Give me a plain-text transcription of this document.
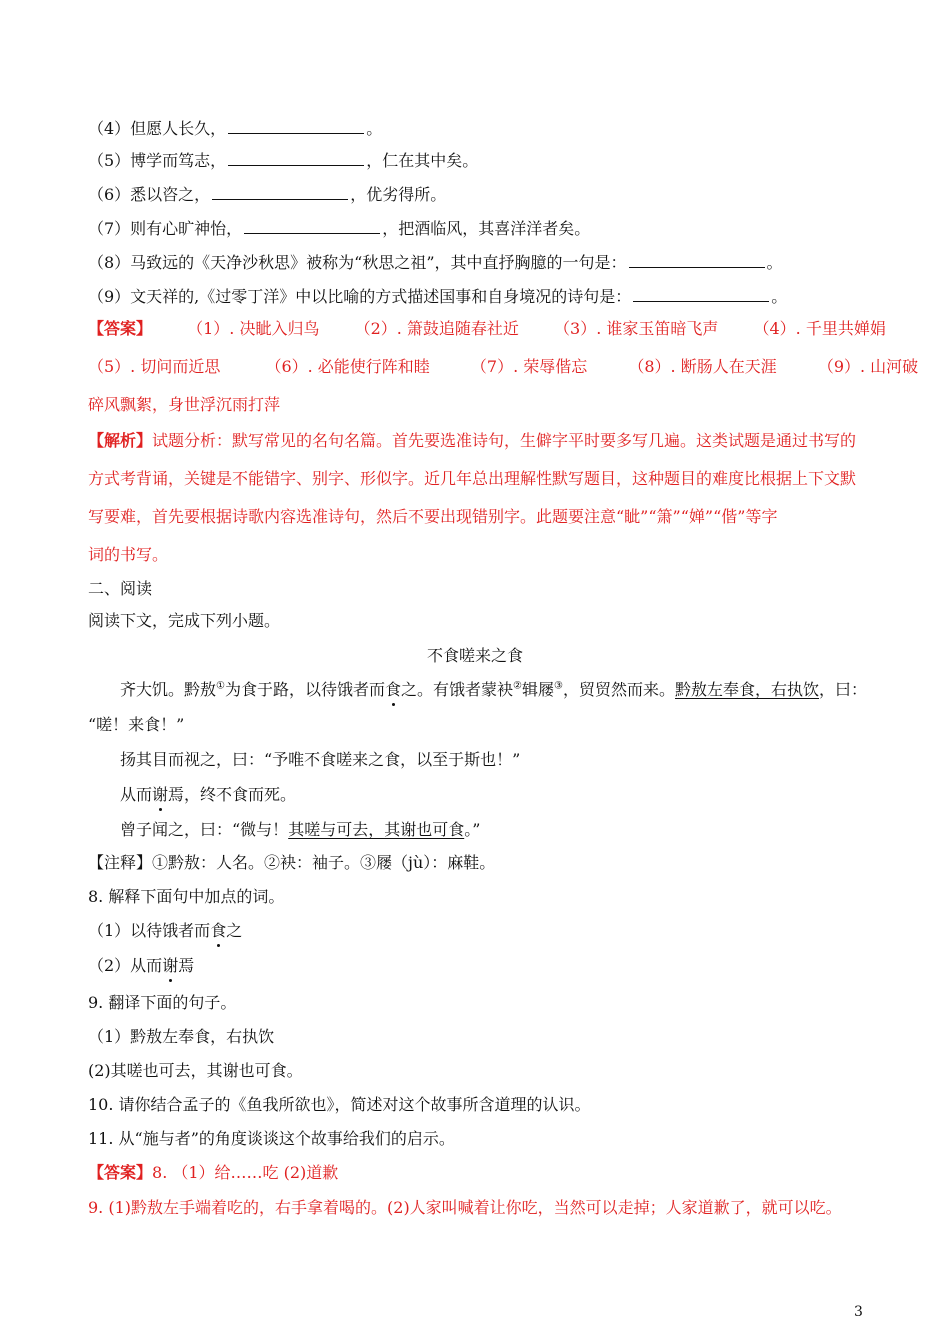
（4）但愿人长久，	。
（5）博学而笃志，	，仁在其中矣。
（6）悉以咨之，	，优劣得所。
（7）则有心旷神怡，	，把酒临风，其喜洋洋者矣。
（8）马致远的《天净沙秋思》被称为“秋思之祖”，其中直抒胸臆的一句是：	。
（9）文天祥的,《过零丁洋》中以比喻的方式描述国事和自身境况的诗句是：	。
【答案】 （1）. 决眦入归鸟 （2）. 箫鼓追随春社近 （3）. 谁家玉笛暗飞声 （4）. 千里共婵娟
（5）. 切问而近思	（6）. 必能使行阵和睦	（7）. 荣辱偕忘	（8）. 断肠人在天涯	（9）. 山河破
碎风飘絮，身世浮沉雨打萍
【解析】试题分析：默写常见的名句名篇。首先要选准诗句，生僻字平时要多写几遍。这类试题是通过书写的
方式考背诵，关键是不能错字、别字、形似字。近几年总出理解性默写题目，这种题目的难度比根据上下文默
写要难，首先要根据诗歌内容选准诗句，然后不要出现错别字。此题要注意“眦”“箫”“婵”“偕”等字
词的书写。
二、阅读
阅读下文，完成下列小题。
不食嗟来之食
齐大饥。黔敖①为食于路，以待饿者而食之。有饿者蒙袂②辑屦③，贸贸然而来。黔敖左奉食，右执饮，曰：
“嗟！来食！”
扬其目而视之，曰：“予唯不食嗟来之食，以至于斯也！”
从而谢焉，终不食而死。
曾子闻之，曰：“微与！其嗟与可去，其谢也可食。”
【注释】①黔敖：人名。②袂：袖子。③屦（jù）：麻鞋。
8. 解释下面句中加点的词。
（1）以待饿者而食之
（2）从而谢焉
9. 翻译下面的句子。
（1）黔敖左奉食，右执饮
(2)其嗟也可去，其谢也可食。
10. 请你结合孟子的《鱼我所欲也》，简述对这个故事所含道理的认识。
11. 从“施与者”的角度谈谈这个故事给我们的启示。
【答案】8. （1）给……吃 (2)道歉
9. (1)黔敖左手端着吃的，右手拿着喝的。(2)人家叫喊着让你吃，当然可以走掉；人家道歉了，就可以吃。
3
